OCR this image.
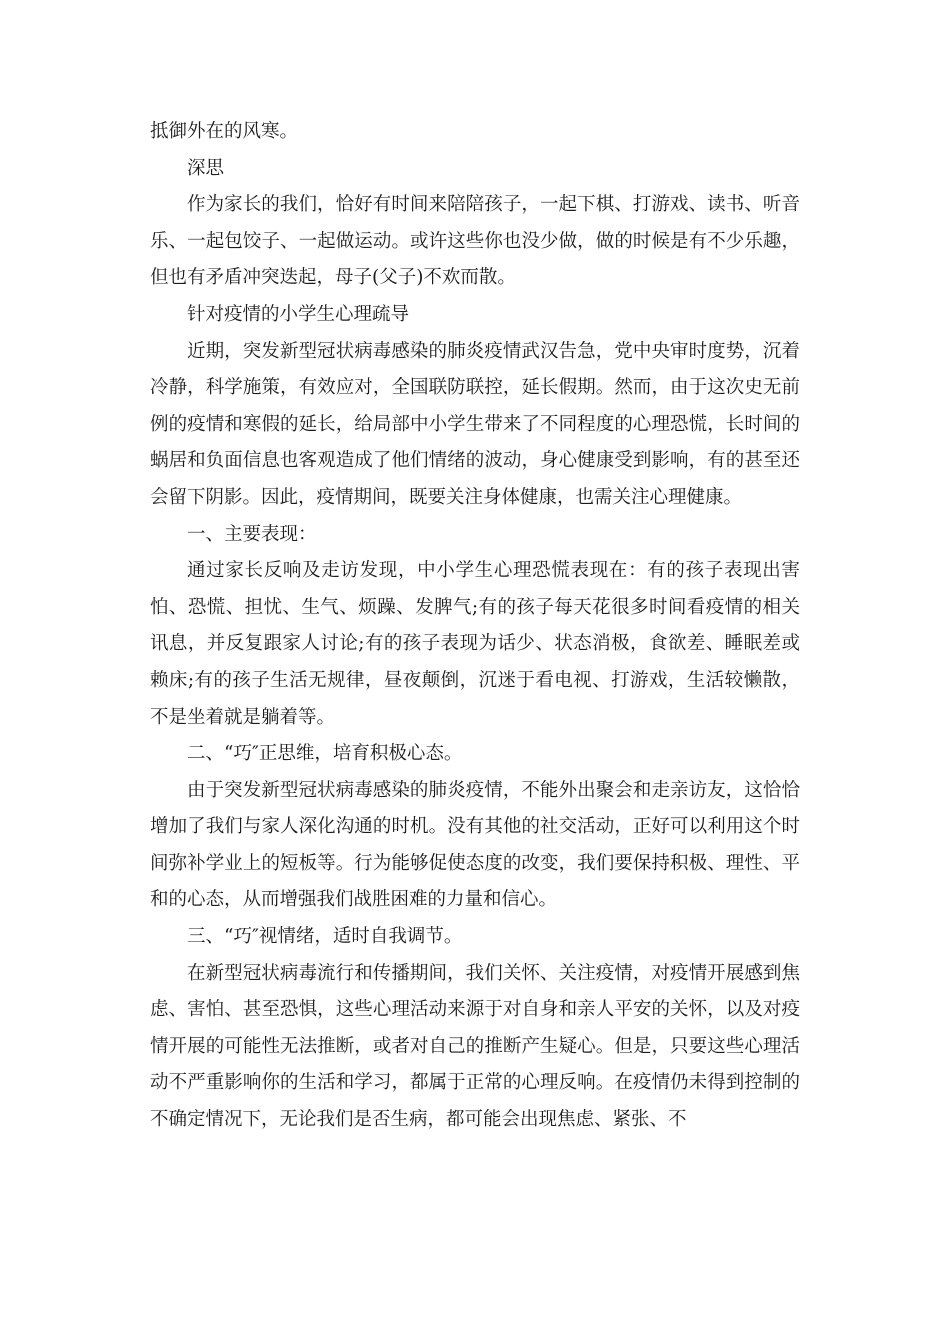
抵御外在的风寒。

深思

作为家长的我们，恰好有时间来陪陪孩子，一起下棋、打游戏、读书、听音乐、一起包饺子、一起做运动。或许这些你也没少做，做的时候是有不少乐趣，但也有矛盾冲突迭起，母子(父子)不欢而散。

针对疫情的小学生心理疏导

近期，突发新型冠状病毒感染的肺炎疫情武汉告急，党中央审时度势，沉着冷静，科学施策，有效应对，全国联防联控，延长假期。然而，由于这次史无前例的疫情和寒假的延长，给局部中小学生带来了不同程度的心理恐慌，长时间的蜗居和负面信息也客观造成了他们情绪的波动，身心健康受到影响，有的甚至还会留下阴影。因此，疫情期间，既要关注身体健康，也需关注心理健康。

一、主要表现：

通过家长反响及走访发现，中小学生心理恐慌表现在：有的孩子表现出害怕、恐慌、担忧、生气、烦躁、发脾气;有的孩子每天花很多时间看疫情的相关讯息，并反复跟家人讨论;有的孩子表现为话少、状态消极，食欲差、睡眠差或赖床;有的孩子生活无规律，昼夜颠倒，沉迷于看电视、打游戏，生活较懒散，不是坐着就是躺着等。

二、“巧″正思维，培育积极心态。

由于突发新型冠状病毒感染的肺炎疫情，不能外出聚会和走亲访友，这恰恰增加了我们与家人深化沟通的时机。没有其他的社交活动，正好可以利用这个时间弥补学业上的短板等。行为能够促使态度的改变，我们要保持积极、理性、平和的心态，从而增强我们战胜困难的力量和信心。

三、“巧″视情绪，适时自我调节。

在新型冠状病毒流行和传播期间，我们关怀、关注疫情，对疫情开展感到焦虑、害怕、甚至恐惧，这些心理活动来源于对自身和亲人平安的关怀，以及对疫情开展的可能性无法推断，或者对自己的推断产生疑心。但是，只要这些心理活动不严重影响你的生活和学习，都属于正常的心理反响。在疫情仍未得到控制的不确定情况下，无论我们是否生病，都可能会出现焦虑、紧张、不
